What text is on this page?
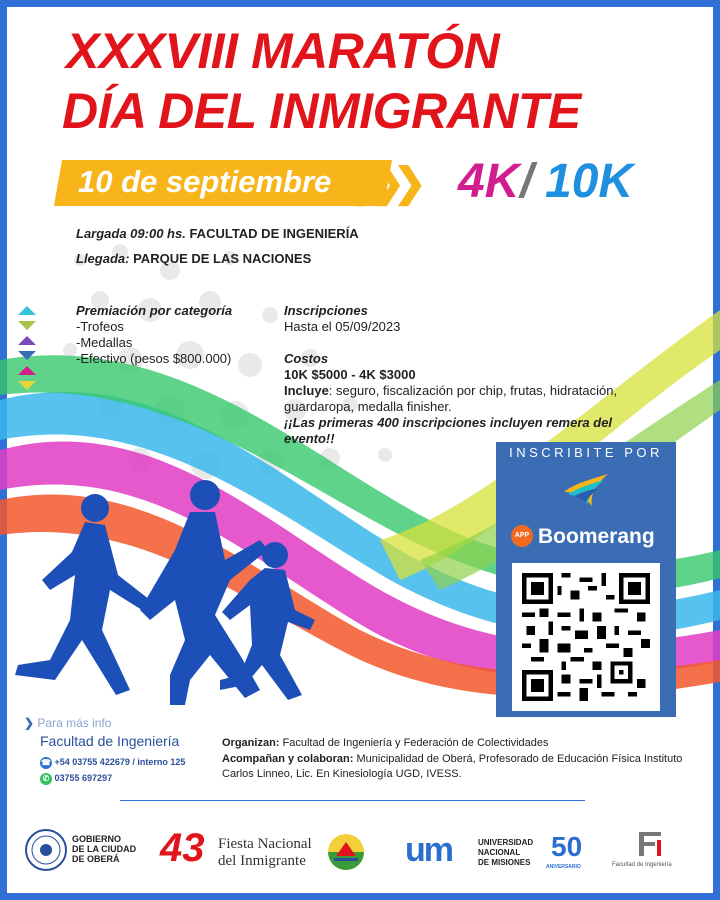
XXXVIII MARATÓN
DÍA DEL INMIGRANTE
10 de septiembre ❯❯❯ 4K / 10K
Largada 09:00 hs. FACULTAD DE INGENIERÍA
Llegada: PARQUE DE LAS NACIONES
Premiación por categoría
-Trofeos
-Medallas
-Efectivo (pesos $800.000)
Inscripciones
Hasta el 05/09/2023
Costos
10K $5000 - 4K $3000
Incluye: seguro, fiscalización por chip, frutas, hidratación, guardaropa, medalla finisher.
¡¡Las primeras 400 inscripciones incluyen remera del evento!!
INSCRIBITE POR
APP Boomerang
❯ Para más info
Facultad de Ingeniería
☎ +54 03755 422679 / interno 125
✆ 03755 697297
Organizan: Facultad de Ingeniería y Federación de Colectividades
Acompañan y colaboran: Municipalidad de Oberá, Profesorado de Educación Física Instituto Carlos Linneo, Lic. En Kinesiología UGD, IVESS.
GOBIERNO
DE LA CIUDAD
DE OBERÁ	43 Fiesta Nacional
del Inmigrante	um	UNIVERSIDAD
NACIONAL
DE MISIONES
50
ANIVERSARIO	Facultad de Ingeniería
